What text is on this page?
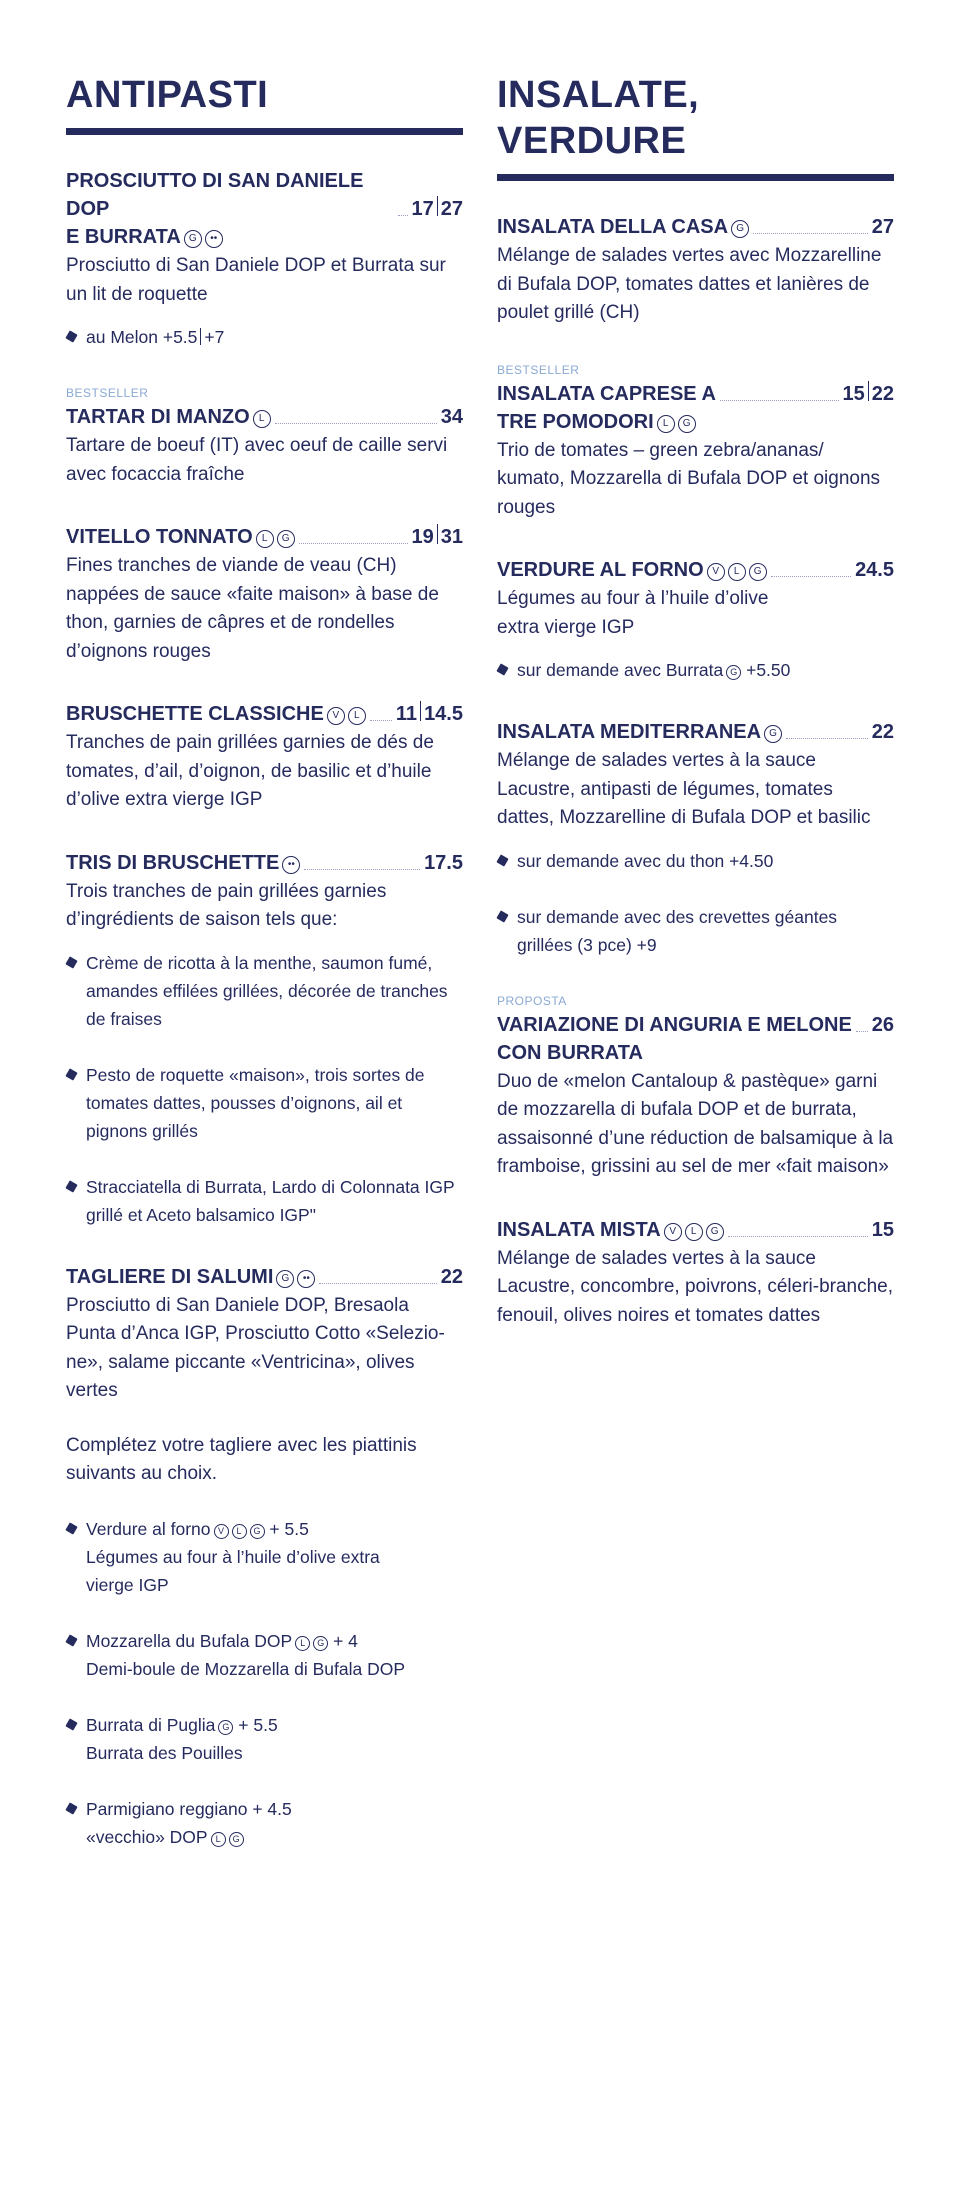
ANTIPASTI
PROSCIUTTO DI SAN DANIELE DOP	17 27
E BURRATA G ••
Prosciutto di San Daniele DOP et Burrata sur un lit de roquette
au Melon +5.5 +7
BESTSELLER
TARTAR DI MANZO L	34
Tartare de boeuf (IT) avec oeuf de caille servi avec focaccia fraîche
VITELLO TONNATO L G	19 31
Fines tranches de viande de veau (CH) nappées de sauce «faite maison» à base de thon, garnies de câpres et de rondelles d’oignons rouges
BRUSCHETTE CLASSICHE V L	11 14.5
Tranches de pain grillées garnies de dés de tomates, d’ail, d’oignon, de basilic et d’huile d’olive extra vierge IGP
TRIS DI BRUSCHETTE ••	17.5
Trois tranches de pain grillées garnies d’ingrédients de saison tels que:
Crème de ricotta à la menthe, saumon fumé, amandes effilées grillées, décorée de tranches de fraises
Pesto de roquette «maison», trois sortes de tomates dattes, pousses d’oignons, ail et pignons grillés
Stracciatella di Burrata, Lardo di Colonnata IGP grillé et Aceto balsamico IGP"
TAGLIERE DI SALUMI G ••	22
Prosciutto di San Daniele DOP, Bresaola Punta d’Anca IGP, Prosciutto Cotto «Selezio-ne», salame piccante «Ventricina», olives vertes
Complétez votre tagliere avec les piattinis suivants au choix.
Verdure al forno V L G + 5.5
Légumes au four à l’huile d’olive extra vierge IGP
Mozzarella du Bufala DOP L G + 4
Demi-boule de Mozzarella di Bufala DOP
Burrata di Puglia G + 5.5
Burrata des Pouilles
Parmigiano reggiano + 4.5
«vecchio» DOP L G
INSALATE, VERDURE
INSALATA DELLA CASA G	27
Mélange de salades vertes avec Mozzarelline di Bufala DOP, tomates dattes et lanières de poulet grillé (CH)
BESTSELLER
INSALATA CAPRESE A	15 22
TRE POMODORI L G
Trio de tomates – green zebra/ananas/ kumato, Mozzarella di Bufala DOP et oignons rouges
VERDURE AL FORNO V L G	24.5
Légumes au four à l’huile d’olive extra vierge IGP
sur demande avec Burrata G +5.50
INSALATA MEDITERRANEA G	22
Mélange de salades vertes à la sauce Lacustre, antipasti de légumes, tomates dattes, Mozzarelline di Bufala DOP et basilic
sur demande avec du thon +4.50
sur demande avec des crevettes géantes grillées (3 pce) +9
PROPOSTA
VARIAZIONE DI ANGURIA E MELONE 26
CON BURRATA
Duo de «melon Cantaloup & pastèque» garni de mozzarella di bufala DOP et de burrata, assaisonné d’une réduction de balsamique à la framboise, grissini au sel de mer «fait maison»
INSALATA MISTA V L G	15
Mélange de salades vertes à la sauce Lacustre, concombre, poivrons, céleri-branche, fenouil, olives noires et tomates dattes
